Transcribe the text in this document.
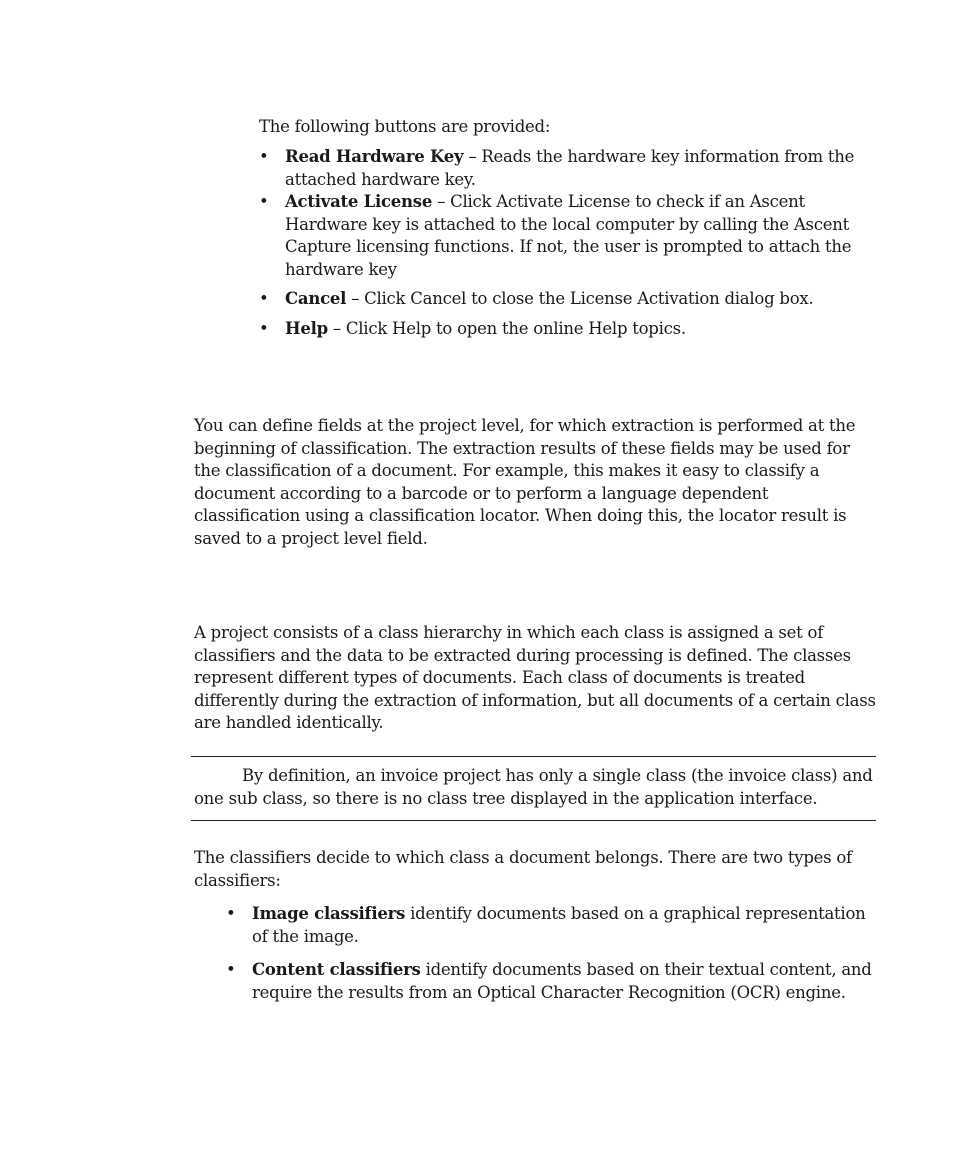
The following buttons are provided:

• Read Hardware Key – Reads the hardware key information from the attached hardware key.
• Activate License – Click Activate License to check if an Ascent Hardware key is attached to the local computer by calling the Ascent Capture licensing functions. If not, the user is prompted to attach the hardware key
• Cancel – Click Cancel to close the License Activation dialog box.
• Help – Click Help to open the online Help topics.

You can define fields at the project level, for which extraction is performed at the beginning of classification. The extraction results of these fields may be used for the classification of a document. For example, this makes it easy to classify a document according to a barcode or to perform a language dependent classification using a classification locator. When doing this, the locator result is saved to a project level field.

A project consists of a class hierarchy in which each class is assigned a set of classifiers and the data to be extracted during processing is defined. The classes represent different types of documents. Each class of documents is treated differently during the extraction of information, but all documents of a certain class are handled identically.

By definition, an invoice project has only a single class (the invoice class) and one sub class, so there is no class tree displayed in the application interface.

The classifiers decide to which class a document belongs. There are two types of classifiers:

• Image classifiers identify documents based on a graphical representation of the image.
• Content classifiers identify documents based on their textual content, and require the results from an Optical Character Recognition (OCR) engine.
